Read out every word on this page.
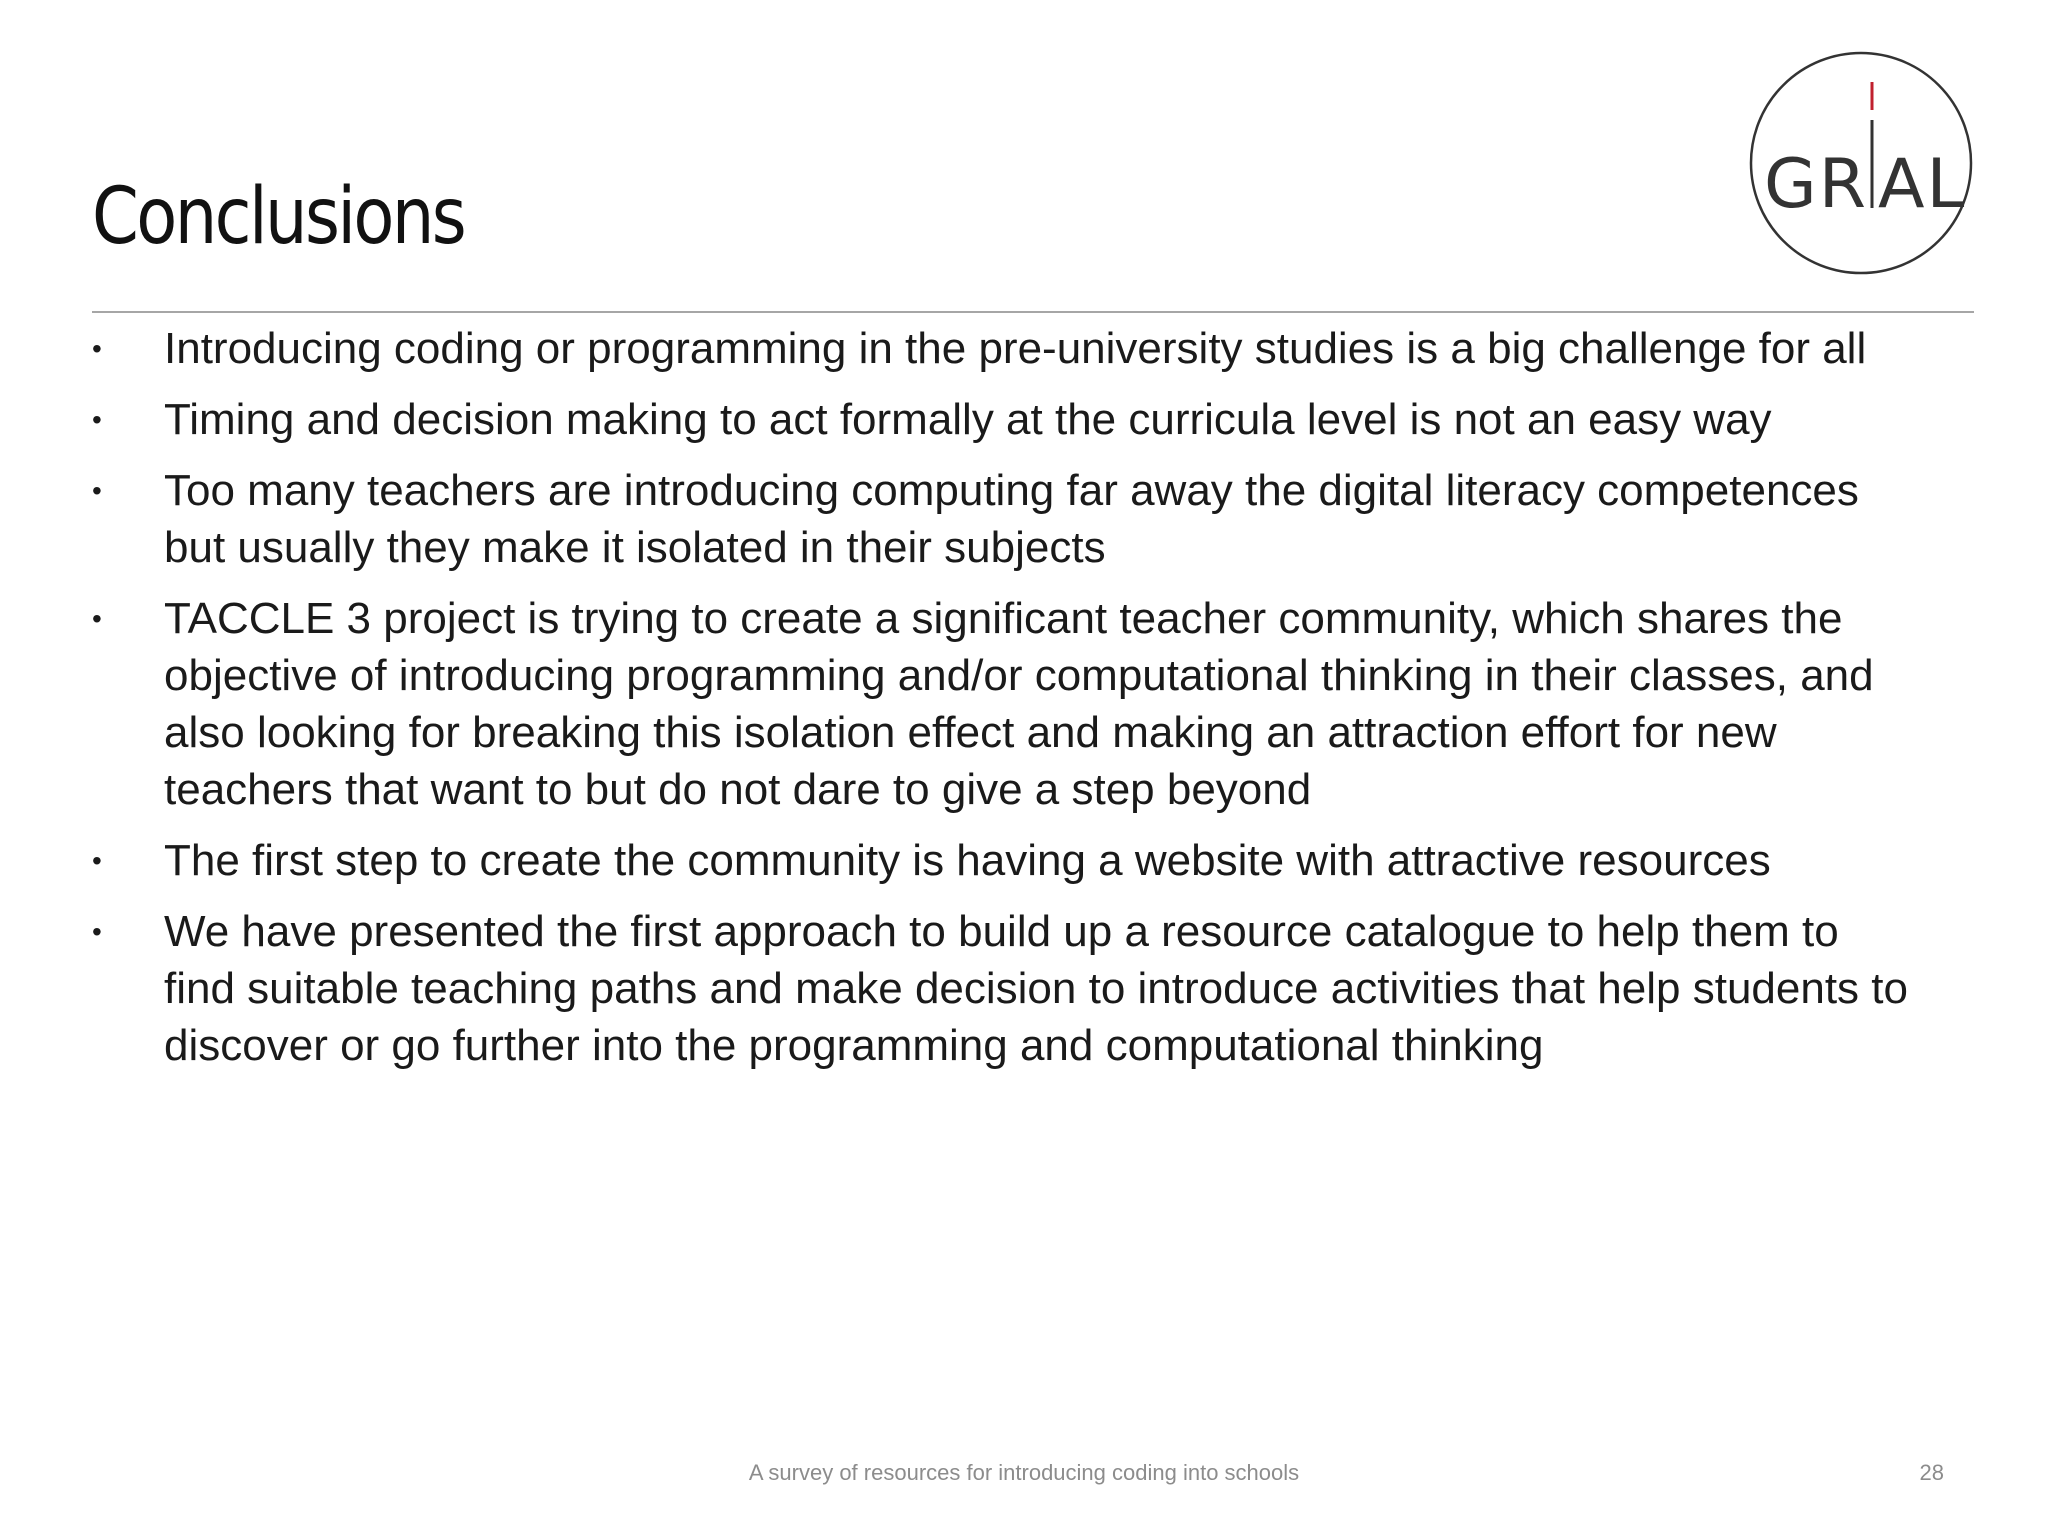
Conclusions	GR AL
• Introducing coding or programming in the pre-university studies is a big challenge for all
• Timing and decision making to act formally at the curricula level is not an easy way
• Too many teachers are introducing computing far away the digital literacy competences but usually they make it isolated in their subjects
• TACCLE 3 project is trying to create a significant teacher community, which shares the objective of introducing programming and/or computational thinking in their classes, and also looking for breaking this isolation effect and making an attraction effort for new teachers that want to but do not dare to give a step beyond
• The first step to create the community is having a website with attractive resources
• We have presented the first approach to build up a resource catalogue to help them to find suitable teaching paths and make decision to introduce activities that help students to discover or go further into the programming and computational thinking
A survey of resources for introducing coding into schools	28
